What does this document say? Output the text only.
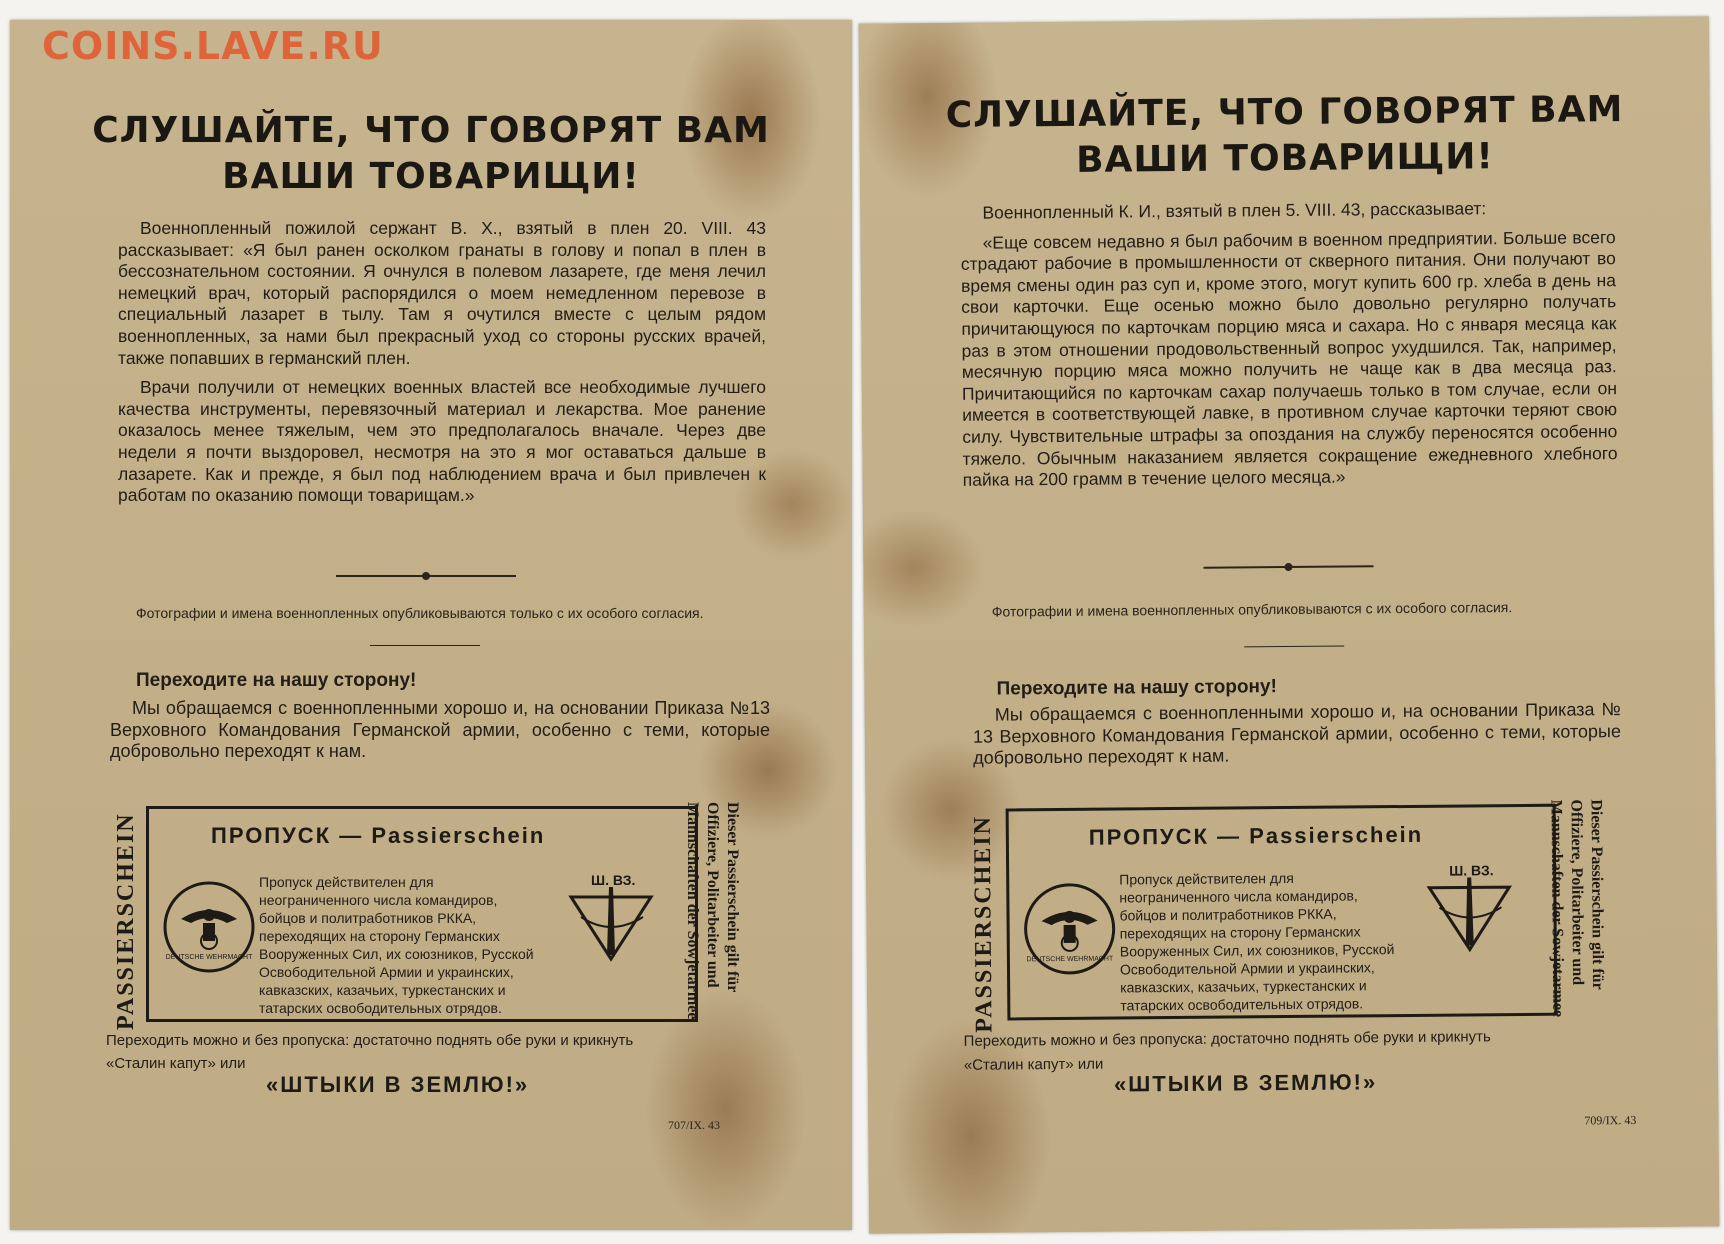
COINS.LAVE.RU
СЛУШАЙТЕ, ЧТО ГОВОРЯТ ВАМ
ВАШИ ТОВАРИЩИ!

Военнопленный пожилой сержант В. Х., взятый в плен 20. VIII. 43 рассказывает: «Я был ранен осколком гранаты в голову и попал в плен в бессознательном состоянии. Я очнулся в полевом лазарете, где меня лечил немецкий врач, который распорядился о моем немедленном перевозе в специальный лазарет в тылу. Там я очутился вместе с целым рядом военнопленных, за нами был прекрасный уход со стороны русских врачей, также попавших в германский плен.

Врачи получили от немецких военных властей все необходимые лучшего качества инструменты, перевязочный материал и лекарства. Мое ранение оказалось менее тяжелым, чем это предполагалось вначале. Через две недели я почти выздоровел, несмотря на это я мог оставаться дальше в лазарете. Как и прежде, я был под наблюдением врача и был привлечен к работам по оказанию помощи товарищам.»

Фотографии и имена военнопленных опубликовываются только с их особого согласия.
Переходите на нашу сторону!
Мы обращаемся с военнопленными хорошо и, на основании Приказа №13 Верховного Командования Германской армии, особенно с теми, которые добровольно переходят к нам.
PASSIERSCHEIN	ПРОПУСК — Passierschein
DEUTSCHE WEHRMACHT
Пропуск действителен для неограниченного числа командиров, бойцов и политработников РККА, переходящих на сторону Германских Вооруженных Сил, их союзников, Русской Освободительной Армии и украинских, кавказских, казачьих, туркестанских и татарских освободительных отрядов.
Ш. ВЗ.	Dieser Passierschein gilt für
Offiziere, Politarbeiter und
Mannschaften der Sowjetarmee
Переходить можно и без пропуска: достаточно поднять обе руки и крикнуть
«Сталин капут» или
«ШТЫКИ В ЗЕМЛЮ!»
707/IX. 43
СЛУШАЙТЕ, ЧТО ГОВОРЯТ ВАМ
ВАШИ ТОВАРИЩИ!

Военнопленный К. И., взятый в плен 5. VIII. 43, рассказывает:

«Еще совсем недавно я был рабочим в военном предприятии. Больше всего страдают рабочие в промышленности от скверного питания. Они получают во время смены один раз суп и, кроме этого, могут купить 600 гр. хлеба в день на свои карточки. Еще осенью можно было довольно регулярно получать причитающуюся по карточкам порцию мяса и сахара. Но с января месяца как раз в этом отношении продовольственный вопрос ухудшился. Так, например, месячную порцию мяса можно получить не чаще как в два месяца раз. Причитающийся по карточкам сахар получаешь только в том случае, если он имеется в соответствующей лавке, в противном случае карточки теряют свою силу. Чувствительные штрафы за опоздания на службу переносятся особенно тяжело. Обычным наказанием является сокращение ежедневного хлебного пайка на 200 грамм в течение целого месяца.»

Фотографии и имена военнопленных опубликовываются с их особого согласия.
Переходите на нашу сторону!
Мы обращаемся с военнопленными хорошо и, на основании Приказа № 13 Верховного Командования Германской армии, особенно с теми, которые добровольно переходят к нам.
PASSIERSCHEIN	ПРОПУСК — Passierschein
DEUTSCHE WEHRMACHT
Пропуск действителен для неограниченного числа командиров, бойцов и политработников РККА, переходящих на сторону Германских Вооруженных Сил, их союзников, Русской Освободительной Армии и украинских, кавказских, казачьих, туркестанских и татарских освободительных отрядов.
Ш. ВЗ.	Dieser Passierschein gilt für
Offiziere, Politarbeiter und
Mannschaften der Sowjetarmee
Переходить можно и без пропуска: достаточно поднять обе руки и крикнуть
«Сталин капут» или
«ШТЫКИ В ЗЕМЛЮ!»
709/IX. 43
